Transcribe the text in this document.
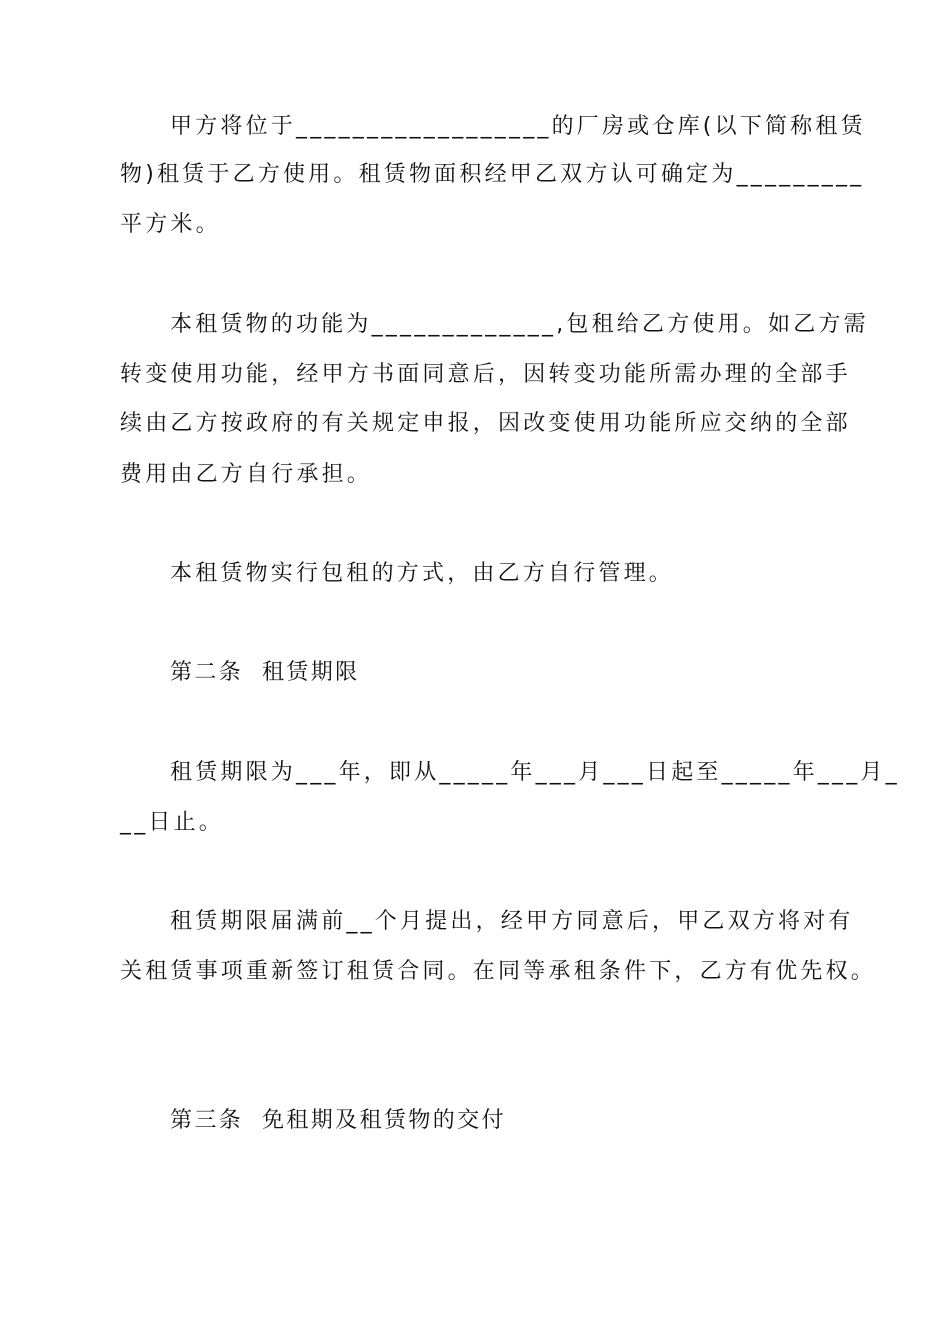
甲方将位于__________________的厂房或仓库(以下简称租赁
物)租赁于乙方使用。租赁物面积经甲乙双方认可确定为_________
平方米。
本租赁物的功能为_____________,包租给乙方使用。如乙方需
转变使用功能，经甲方书面同意后，因转变功能所需办理的全部手
续由乙方按政府的有关规定申报，因改变使用功能所应交纳的全部
费用由乙方自行承担。
本租赁物实行包租的方式，由乙方自行管理。
第二条  租赁期限
租赁期限为___年，即从_____年___月___日起至_____年___月_
__日止。
租赁期限届满前__个月提出，经甲方同意后，甲乙双方将对有
关租赁事项重新签订租赁合同。在同等承租条件下，乙方有优先权。
第三条  免租期及租赁物的交付
